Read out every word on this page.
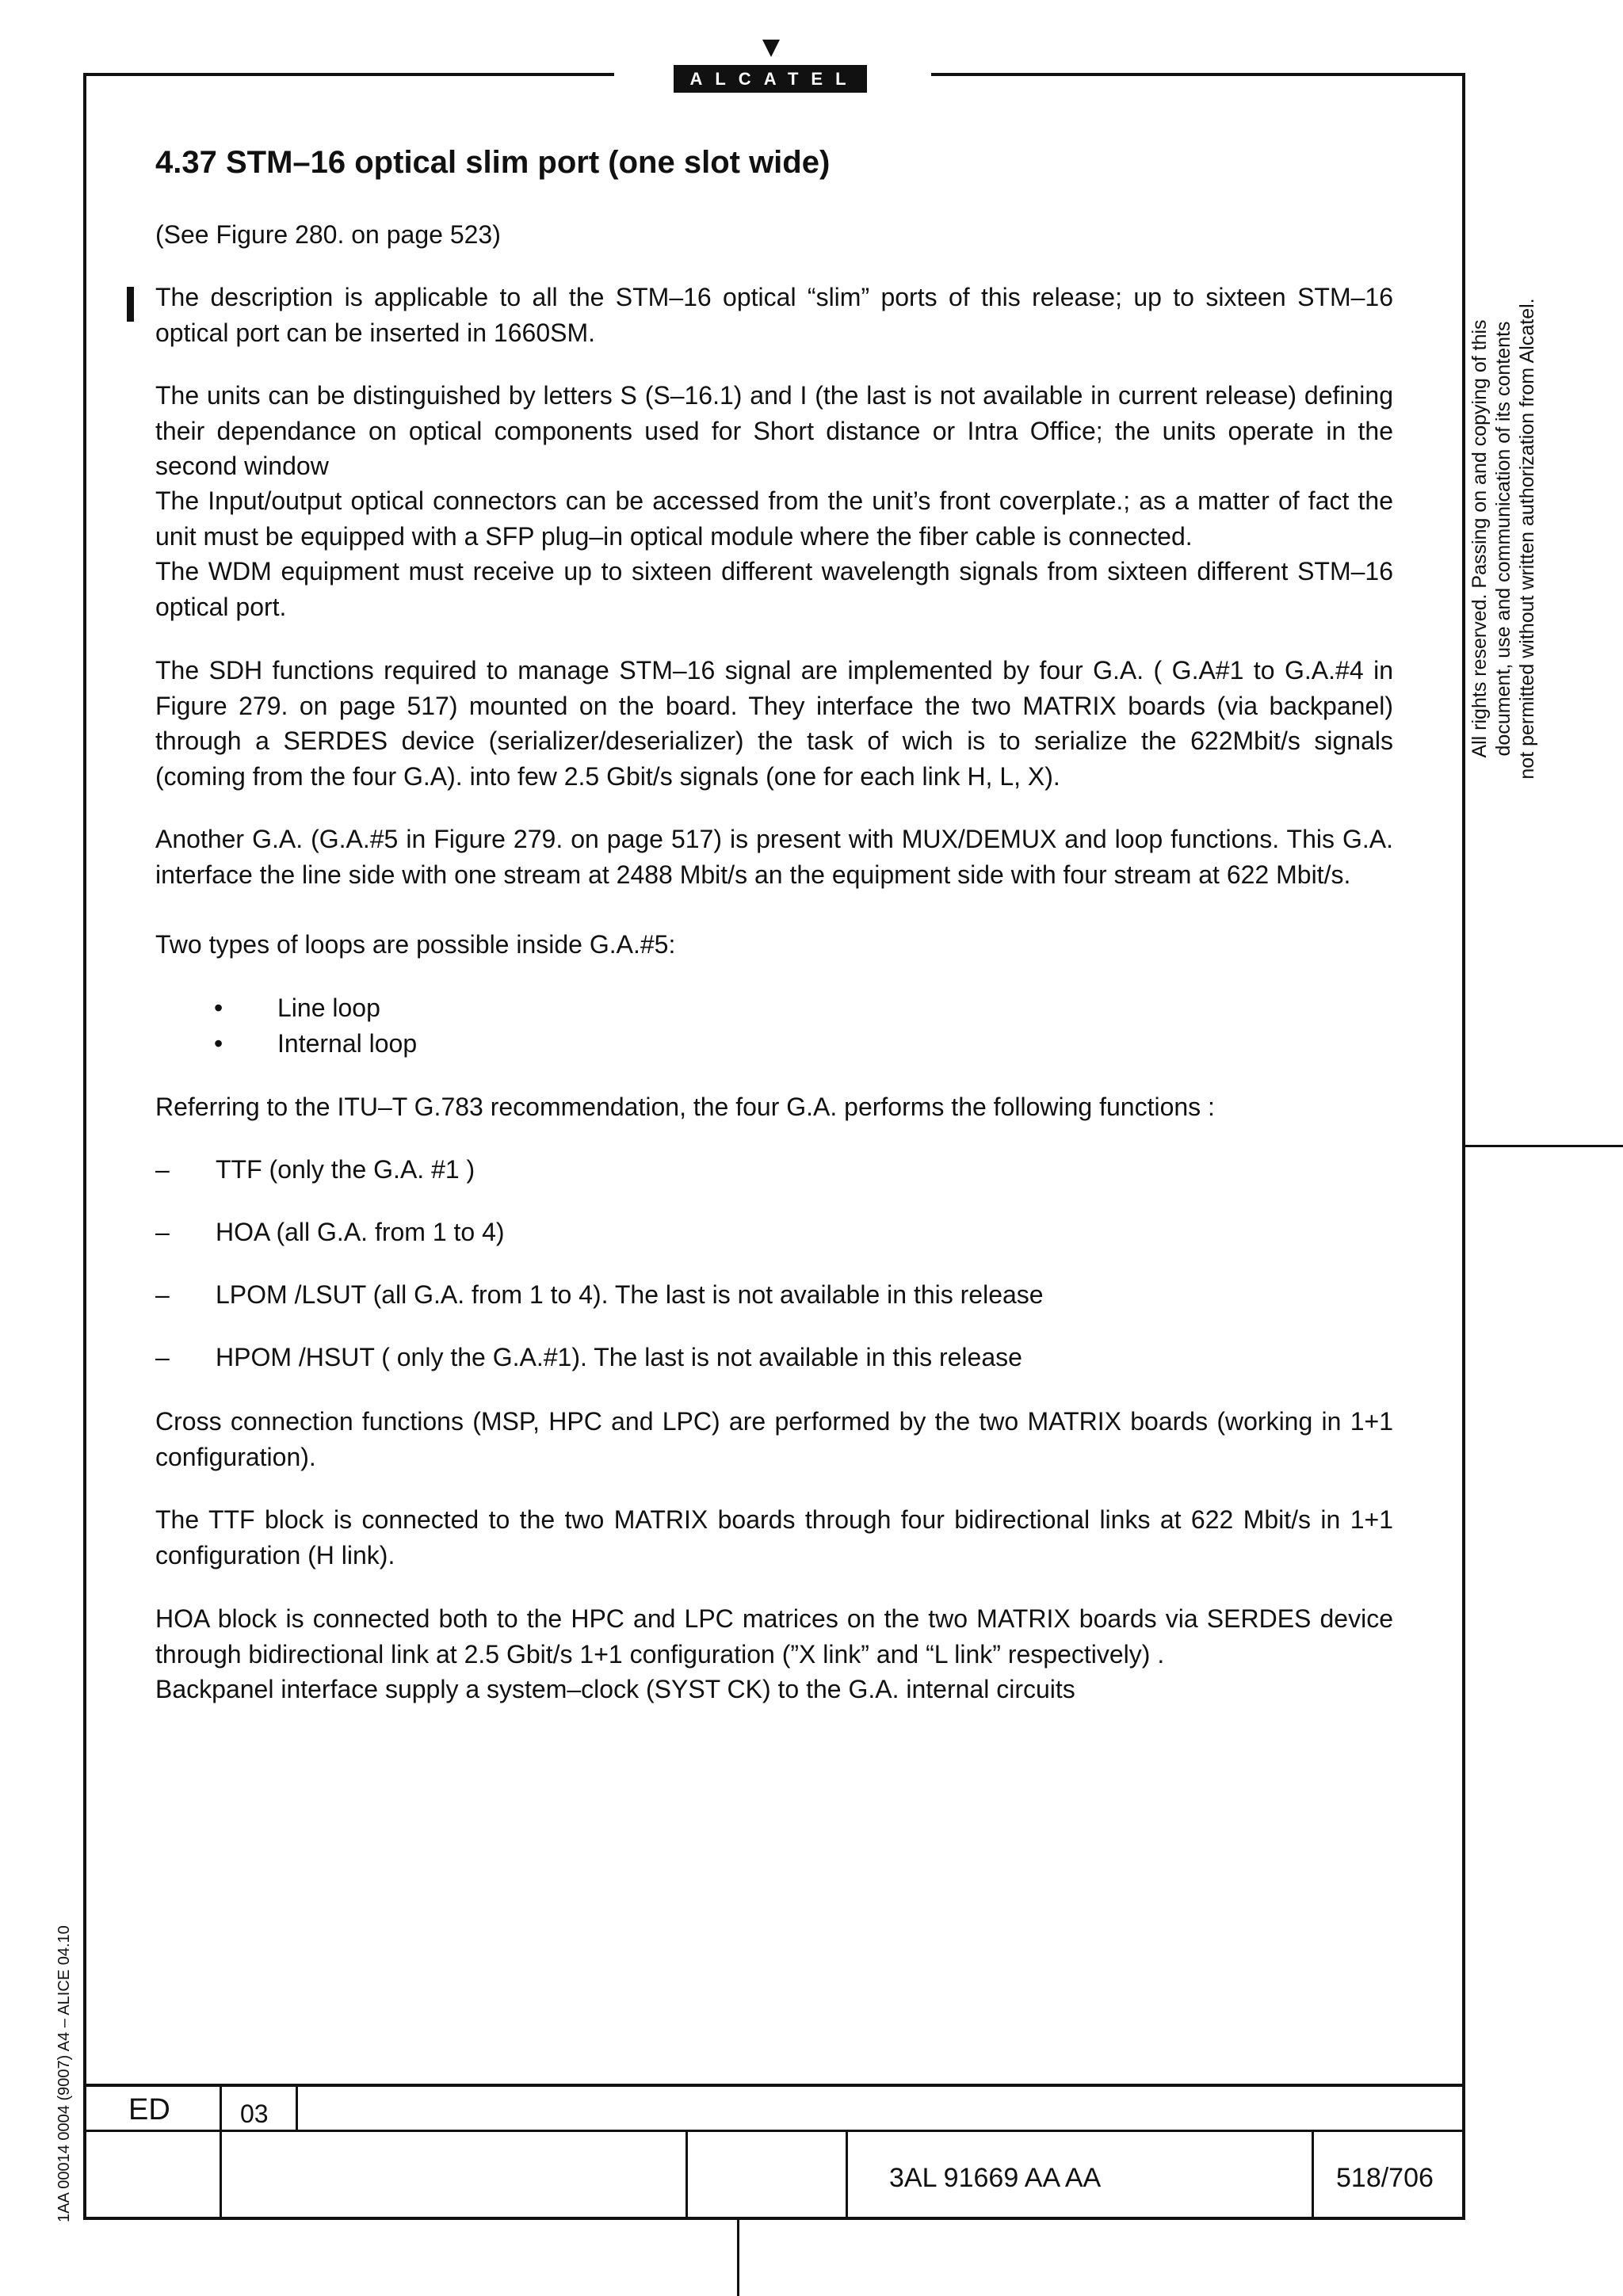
ALCATEL
4.37 STM–16 optical slim port (one slot wide)
(See Figure 280. on page 523)
The description is applicable to all the STM–16 optical “slim” ports of this release; up to sixteen STM–16 optical port can be inserted in 1660SM.
The units can be distinguished by letters S (S–16.1) and I (the last is not available in current release) defining their dependance on optical components used for Short distance or Intra Office; the units operate in the second window
The Input/output optical connectors can be accessed from the unit’s front coverplate.; as a matter of fact the unit must be equipped with a SFP plug–in optical module where the fiber cable is connected.
The WDM equipment must receive up to sixteen different wavelength signals from sixteen different STM–16 optical port.
The SDH functions required to manage STM–16 signal are implemented by four G.A. ( G.A#1 to G.A.#4 in Figure 279. on page 517) mounted on the board. They interface the two MATRIX boards (via backpanel) through a SERDES device (serializer/deserializer) the task of wich is to serialize the 622Mbit/s signals (coming from the four G.A). into few 2.5 Gbit/s signals (one for each link H, L, X).
Another G.A. (G.A.#5 in Figure 279. on page 517) is present with MUX/DEMUX and loop functions. This G.A. interface the line side with one stream at 2488 Mbit/s an the equipment side with four stream at 622 Mbit/s.
Two types of loops are possible inside G.A.#5:
• Line loop
• Internal loop
Referring to the ITU–T G.783 recommendation, the four G.A. performs the following functions :
– TTF (only the G.A. #1 )
– HOA (all G.A. from 1 to 4)
– LPOM /LSUT (all G.A. from 1 to 4). The last is not available in this release
– HPOM /HSUT ( only the G.A.#1). The last is not available in this release
Cross connection functions (MSP, HPC and LPC) are performed by the two MATRIX boards (working in 1+1 configuration).
The TTF block is connected to the two MATRIX boards through four bidirectional links at 622 Mbit/s in 1+1 configuration (H link).
HOA block is connected both to the HPC and LPC matrices on the two MATRIX boards via SERDES device through bidirectional link at 2.5 Gbit/s 1+1 configuration (”X link” and “L link” respectively) .
Backpanel interface supply a system–clock (SYST CK) to the G.A. internal circuits
All rights reserved. Passing on and copying of this document, use and communication of its contents not permitted without written authorization from Alcatel.
1AA 00014 0004 (9007) A4 – ALICE 04.10 ED	03
3AL 91669 AA AA	518/706
